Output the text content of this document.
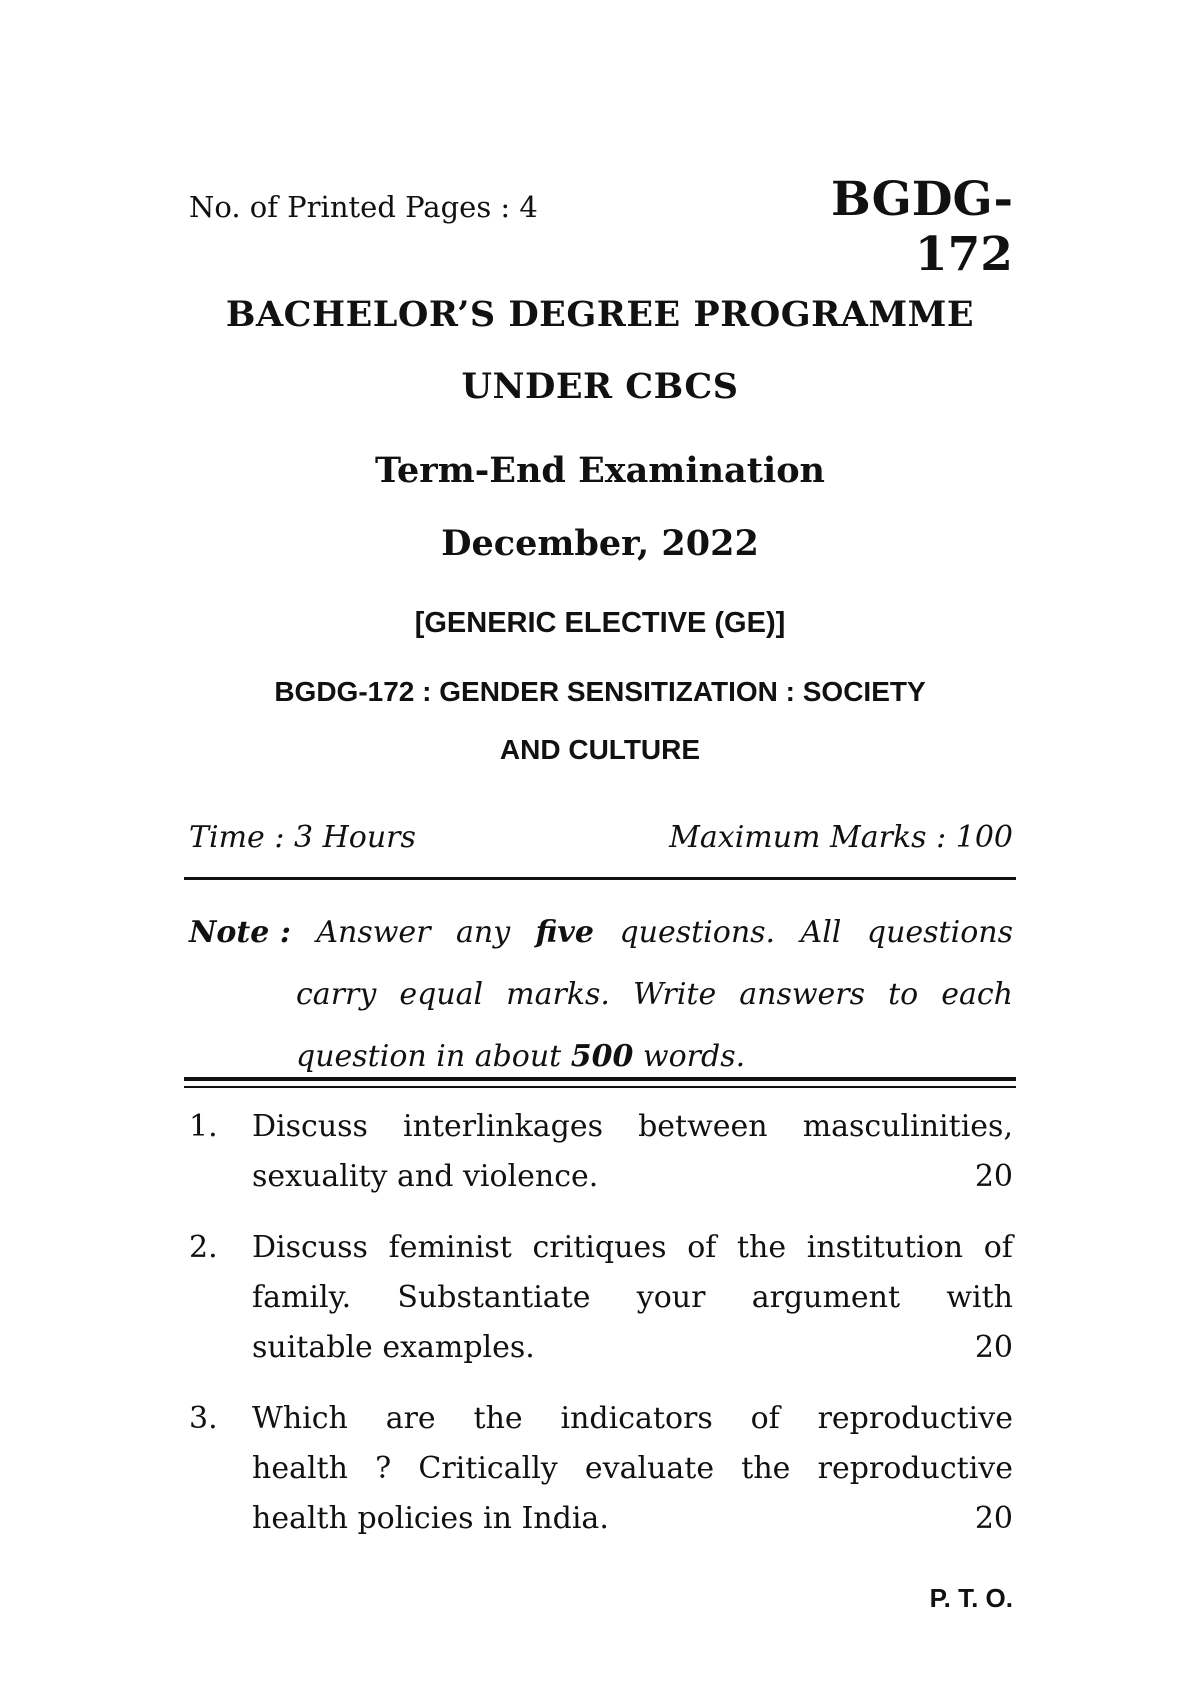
No. of Printed Pages : 4	BGDG-172
BACHELOR’S DEGREE PROGRAMME
UNDER CBCS
Term-End Examination
December, 2022
[GENERIC ELECTIVE (GE)]
BGDG-172 : GENDER SENSITIZATION : SOCIETY
AND CULTURE
Time : 3 Hours	Maximum Marks : 100
Note : Answer any five questions. All questions
carry equal marks. Write answers to each
question in about 500 words.
1. Discuss interlinkages between masculinities,
sexuality and violence.	20
2. Discuss feminist critiques of the institution of
family. Substantiate your argument with
suitable examples.	20
3. Which are the indicators of reproductive
health ? Critically evaluate the reproductive
health policies in India.	20
P. T. O.
